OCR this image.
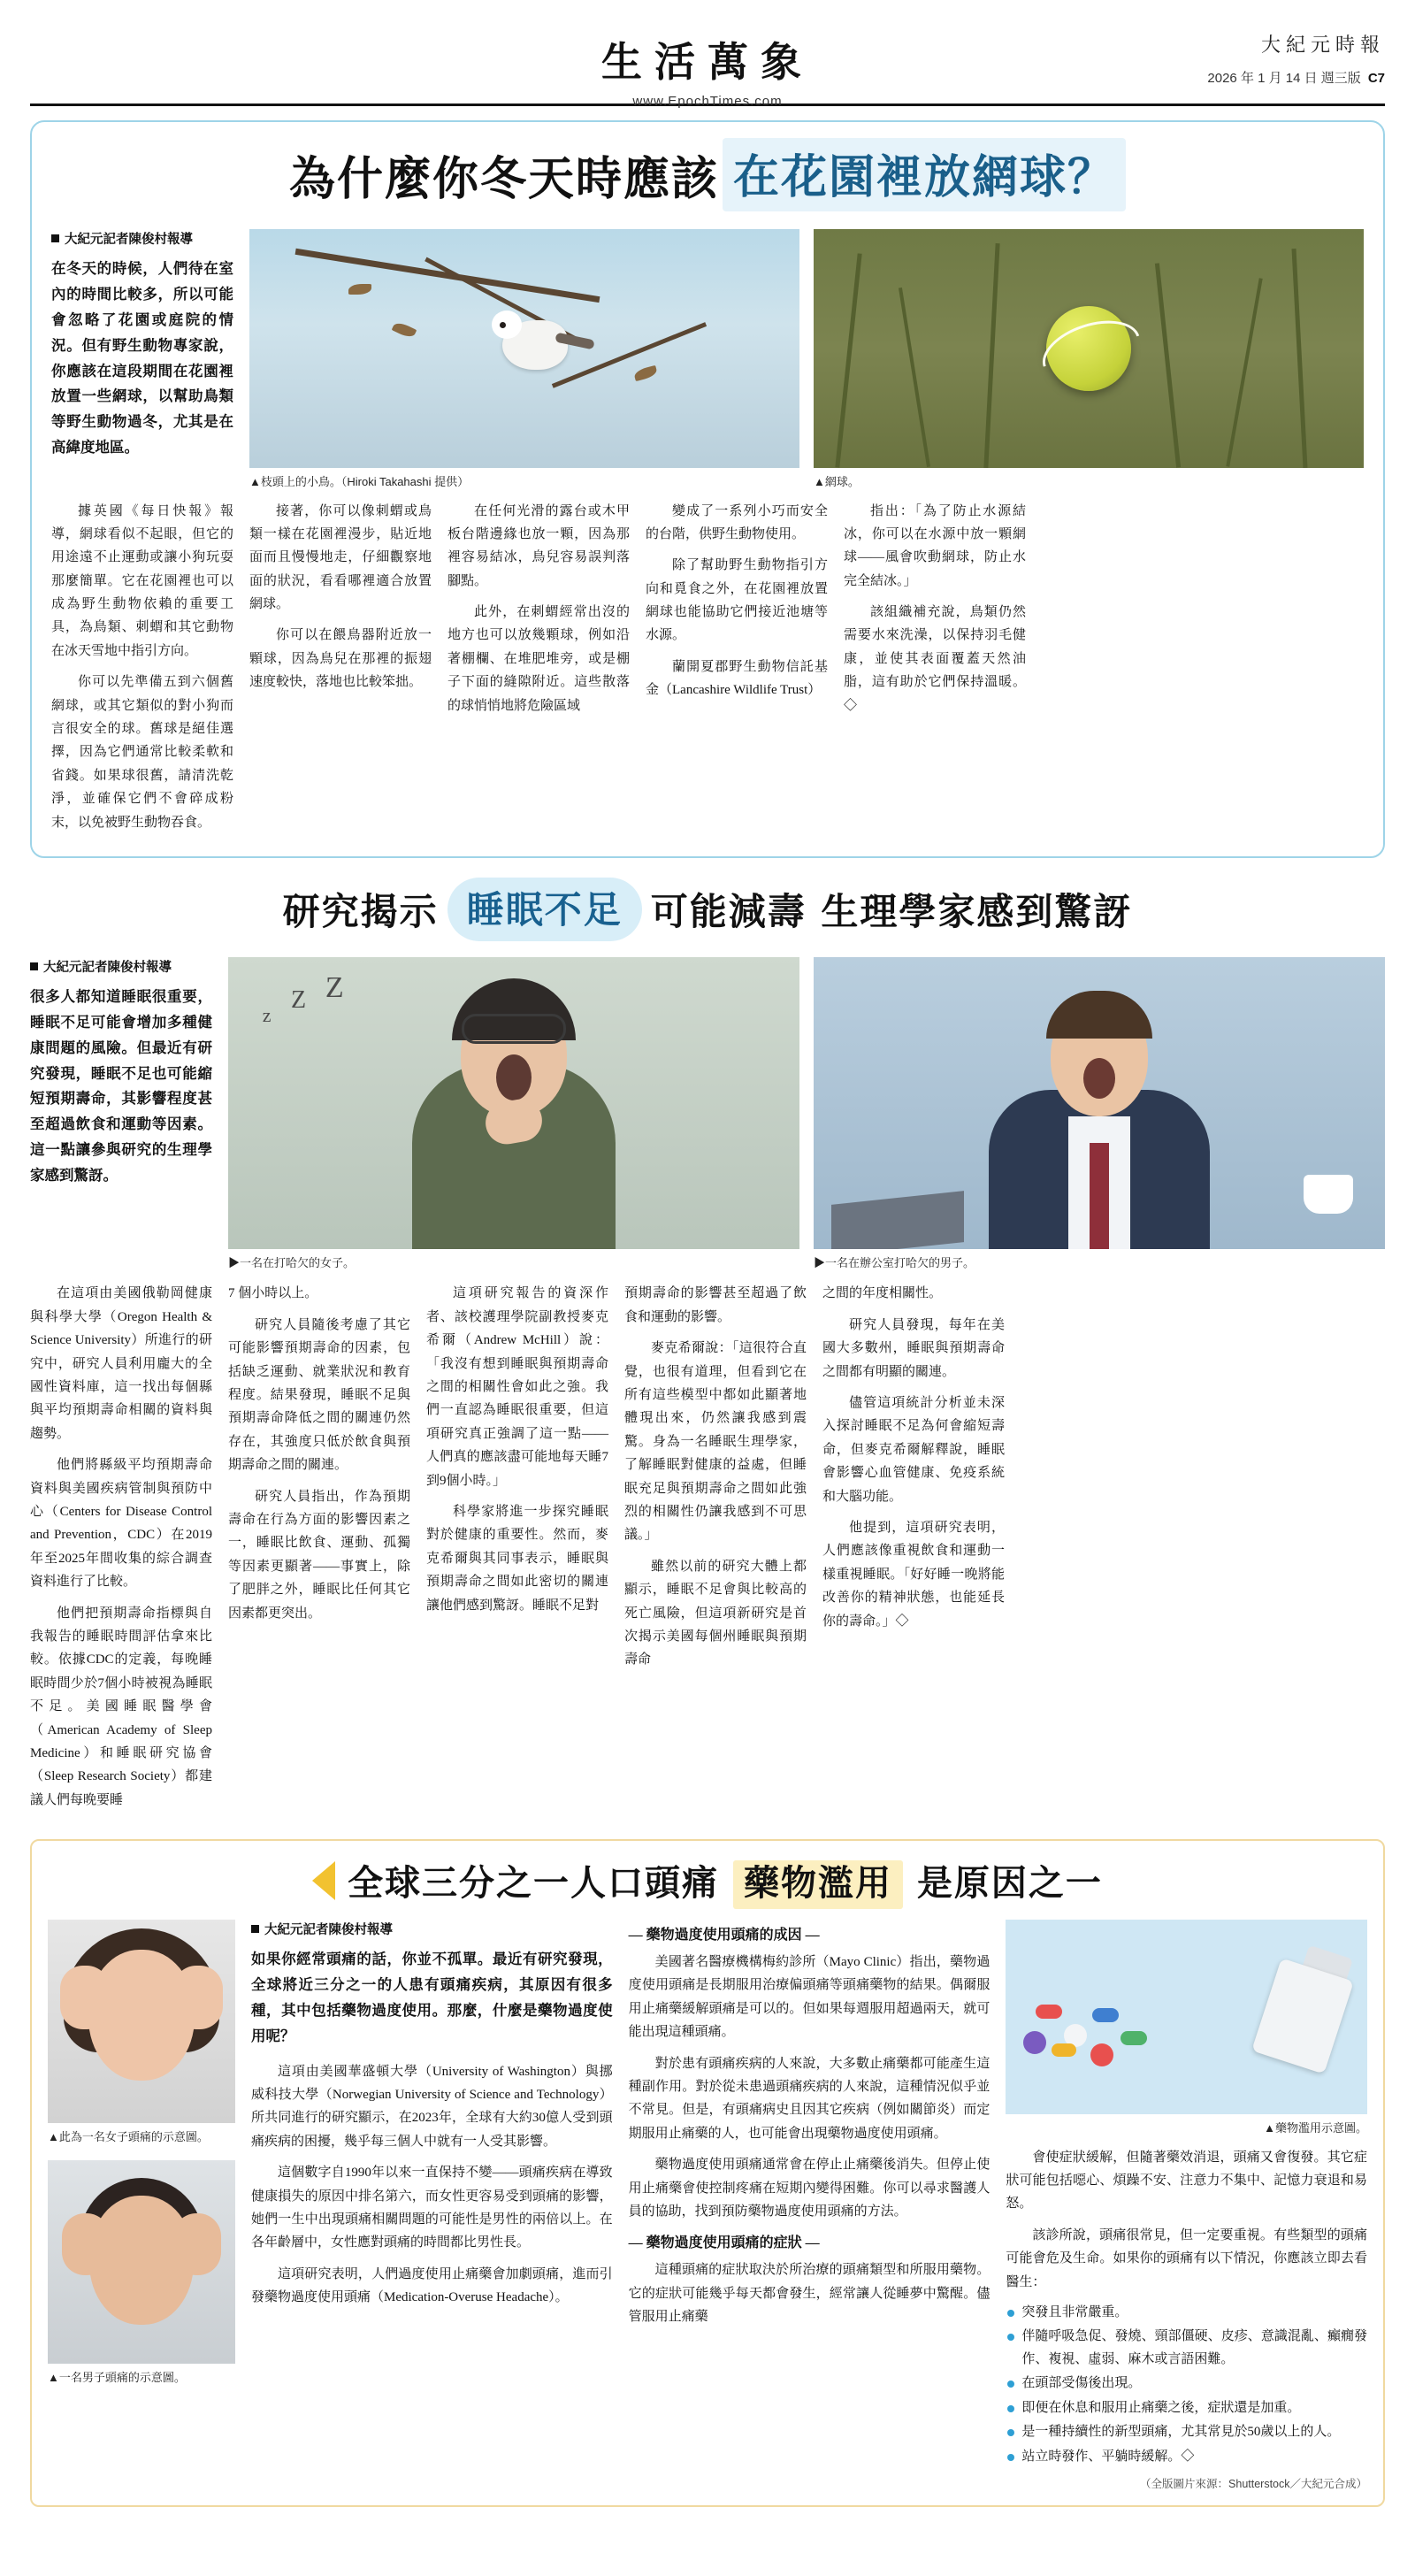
生活萬象
www.EpochTimes.com
大紀元時報
2026 年 1 月 14 日 週三版 C7
為什麼你冬天時應該 在花園裡放網球？
大紀元記者陳俊村報導
在冬天的時候，人們待在室內的時間比較多，所以可能會忽略了花園或庭院的情況。但有野生動物專家說，你應該在這段期間在花園裡放置一些網球，以幫助鳥類等野生動物過冬，尤其是在高緯度地區。
▲枝頭上的小鳥。（Hiroki Takahashi 提供）	▲網球。

據英國《每日快報》報導，網球看似不起眼，但它的用途遠不止運動或讓小狗玩耍那麼簡單。它在花園裡也可以成為野生動物依賴的重要工具，為鳥類、刺蝟和其它動物在冰天雪地中指引方向。

你可以先準備五到六個舊網球，或其它類似的對小狗而言很安全的球。舊球是絕佳選擇，因為它們通常比較柔軟和省錢。如果球很舊，請清洗乾淨，並確保它們不會碎成粉末，以免被野生動物吞食。

接著，你可以像刺蝟或鳥類一樣在花園裡漫步，貼近地面而且慢慢地走，仔細觀察地面的狀況，看看哪裡適合放置網球。

你可以在餵鳥器附近放一顆球，因為鳥兒在那裡的振翅速度較快，落地也比較笨拙。

在任何光滑的露台或木甲板台階邊緣也放一顆，因為那裡容易結冰，鳥兒容易誤判落腳點。

此外，在刺蝟經常出沒的地方也可以放幾顆球，例如沿著棚欄、在堆肥堆旁，或是棚子下面的縫隙附近。這些散落的球悄悄地將危險區域

變成了一系列小巧而安全的台階，供野生動物使用。

除了幫助野生動物指引方向和覓食之外，在花園裡放置網球也能協助它們接近池塘等水源。

蘭開夏郡野生動物信託基金（Lancashire Wildlife Trust）

指出：「為了防止水源結冰，你可以在水源中放一顆網球——風會吹動網球，防止水完全結冰。」

該組織補充說，鳥類仍然需要水來洗澡，以保持羽毛健康，並使其表面覆蓋天然油脂，這有助於它們保持溫暖。◇

研究揭示 睡眠不足 可能減壽 生理學家感到驚訝
大紀元記者陳俊村報導
很多人都知道睡眠很重要，睡眠不足可能會增加多種健康問題的風險。但最近有研究發現，睡眠不足也可能縮短預期壽命，其影響程度甚至超過飲食和運動等因素。這一點讓參與研究的生理學家感到驚訝。
z
Z Z
▶一名在打哈欠的女子。	▶一名在辦公室打哈欠的男子。

在這項由美國俄勒岡健康與科學大學（Oregon Health & Science University）所進行的研究中，研究人員利用龐大的全國性資料庫，這一找出每個縣與平均預期壽命相關的資料與趨勢。

他們將縣級平均預期壽命資料與美國疾病管制與預防中心（Centers for Disease Control and Prevention，CDC）在2019年至2025年間收集的綜合調查資料進行了比較。

他們把預期壽命指標與自我報告的睡眠時間評估拿來比較。依據CDC的定義，每晚睡眠時間少於7個小時被視為睡眠不足。美國睡眠醫學會（American Academy of Sleep Medicine）和睡眠研究協會（Sleep Research Society）都建議人們每晚要睡

7 個小時以上。

研究人員隨後考慮了其它可能影響預期壽命的因素，包括缺乏運動、就業狀況和教育程度。結果發現，睡眠不足與預期壽命降低之間的關連仍然存在，其強度只低於飲食與預期壽命之間的關連。

研究人員指出，作為預期壽命在行為方面的影響因素之一，睡眠比飲食、運動、孤獨等因素更顯著——事實上，除了肥胖之外，睡眠比任何其它因素都更突出。

這項研究報告的資深作者、該校護理學院副教授麥克希爾（Andrew McHill）說：「我沒有想到睡眠與預期壽命之間的相關性會如此之強。我們一直認為睡眠很重要，但這項研究真正強調了這一點——人們真的應該盡可能地每天睡7到9個小時。」

科學家將進一步探究睡眠對於健康的重要性。然而，麥克希爾與其同事表示，睡眠與預期壽命之間如此密切的關連讓他們感到驚訝。睡眠不足對

預期壽命的影響甚至超過了飲食和運動的影響。

麥克希爾說：「這很符合直覺，也很有道理，但看到它在所有這些模型中都如此顯著地體現出來，仍然讓我感到震驚。身為一名睡眠生理學家，了解睡眠對健康的益處，但睡眠充足與預期壽命之間如此強烈的相關性仍讓我感到不可思議。」

雖然以前的研究大體上都顯示，睡眠不足會與比較高的死亡風險，但這項新研究是首次揭示美國每個州睡眠與預期壽命

之間的年度相關性。

研究人員發現，每年在美國大多數州，睡眠與預期壽命之間都有明顯的關連。

儘管這項統計分析並未深入探討睡眠不足為何會縮短壽命，但麥克希爾解釋說，睡眠會影響心血管健康、免疫系統和大腦功能。

他提到，這項研究表明，人們應該像重視飲食和運動一樣重視睡眠。「好好睡一晚將能改善你的精神狀態，也能延長你的壽命。」◇

全球三分之一人口頭痛 藥物濫用 是原因之一
▲此為一名女子頭痛的示意圖。
▲一名男子頭痛的示意圖。
大紀元記者陳俊村報導
如果你經常頭痛的話，你並不孤單。最近有研究發現，全球將近三分之一的人患有頭痛疾病，其原因有很多種，其中包括藥物過度使用。那麼，什麼是藥物過度使用呢？

這項由美國華盛頓大學（University of Washington）與挪威科技大學（Norwegian University of Science and Technology）所共同進行的研究顯示，在2023年，全球有大約30億人受到頭痛疾病的困擾，幾乎每三個人中就有一人受其影響。

這個數字自1990年以來一直保持不變——頭痛疾病在導致健康損失的原因中排名第六，而女性更容易受到頭痛的影響，她們一生中出現頭痛相關問題的可能性是男性的兩倍以上。在各年齡層中，女性應對頭痛的時間都比男性長。

這項研究表明，人們過度使用止痛藥會加劇頭痛，進而引發藥物過度使用頭痛（Medication-Overuse Headache）。

― 藥物過度使用頭痛的成因 ―

美國著名醫療機構梅約診所（Mayo Clinic）指出，藥物過度使用頭痛是長期服用治療偏頭痛等頭痛藥物的結果。偶爾服用止痛藥緩解頭痛是可以的。但如果每週服用超過兩天，就可能出現這種頭痛。

對於患有頭痛疾病的人來說，大多數止痛藥都可能產生這種副作用。對於從未患過頭痛疾病的人來說，這種情況似乎並不常見。但是，有頭痛病史且因其它疾病（例如關節炎）而定期服用止痛藥的人，也可能會出現藥物過度使用頭痛。

藥物過度使用頭痛通常會在停止止痛藥後消失。但停止使用止痛藥會使控制疼痛在短期內變得困難。你可以尋求醫護人員的協助，找到預防藥物過度使用頭痛的方法。

― 藥物過度使用頭痛的症狀 ―

這種頭痛的症狀取決於所治療的頭痛類型和所服用藥物。它的症狀可能幾乎每天都會發生，經常讓人從睡夢中驚醒。儘管服用止痛藥

▲藥物濫用示意圖。

會使症狀緩解，但隨著藥效消退，頭痛又會復發。其它症狀可能包括噁心、煩躁不安、注意力不集中、記憶力衰退和易怒。

該診所說，頭痛很常見，但一定要重視。有些類型的頭痛可能會危及生命。如果你的頭痛有以下情況，你應該立即去看醫生：

突發且非常嚴重。
伴隨呼吸急促、發燒、頸部僵硬、皮疹、意識混亂、癲癇發作、複視、虛弱、麻木或言語困難。
在頭部受傷後出現。
即便在休息和服用止痛藥之後，症狀還是加重。
是一種持續性的新型頭痛，尤其常見於50歲以上的人。
站立時發作、平躺時緩解。◇
（全版圖片來源：Shutterstock／大紀元合成）
